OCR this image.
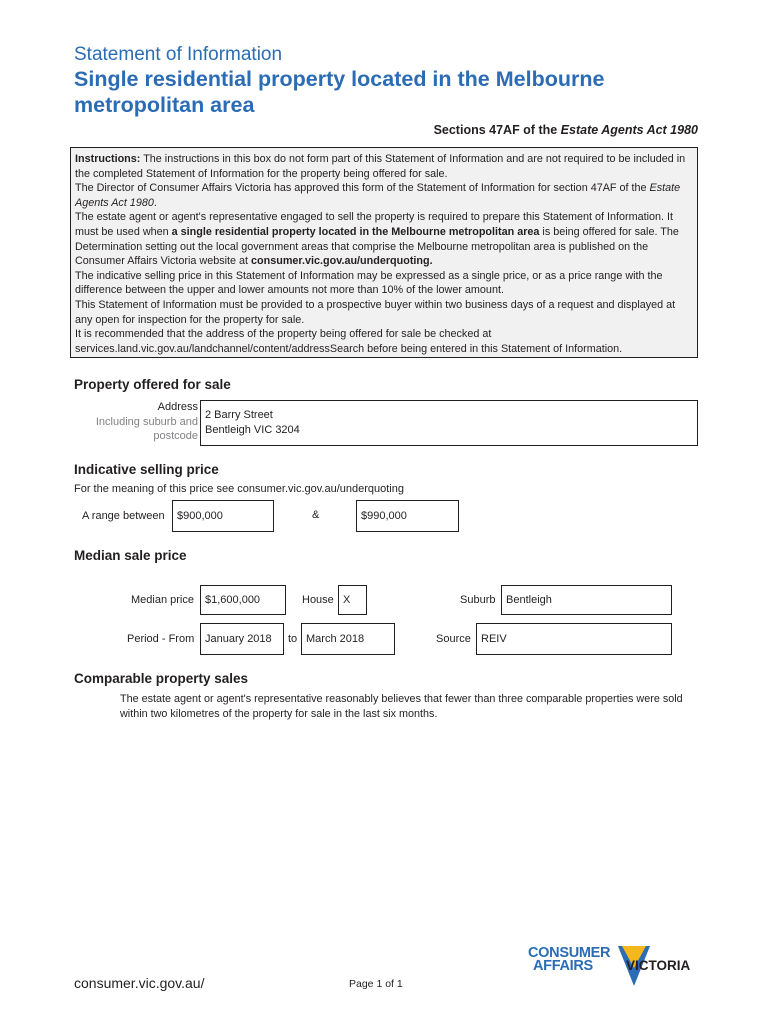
Statement of Information
Single residential property located in the Melbourne metropolitan area
Sections 47AF of the Estate Agents Act 1980

Instructions: The instructions in this box do not form part of this Statement of Information and are not required to be included in the completed Statement of Information for the property being offered for sale.

The Director of Consumer Affairs Victoria has approved this form of the Statement of Information for section 47AF of the Estate Agents Act 1980.

The estate agent or agent's representative engaged to sell the property is required to prepare this Statement of Information. It must be used when a single residential property located in the Melbourne metropolitan area is being offered for sale. The Determination setting out the local government areas that comprise the Melbourne metropolitan area is published on the Consumer Affairs Victoria website at consumer.vic.gov.au/underquoting.

The indicative selling price in this Statement of Information may be expressed as a single price, or as a price range with the difference between the upper and lower amounts not more than 10% of the lower amount.

This Statement of Information must be provided to a prospective buyer within two business days of a request and displayed at any open for inspection for the property for sale.

It is recommended that the address of the property being offered for sale be checked at services.land.vic.gov.au/landchannel/content/addressSearch before being entered in this Statement of Information.

Property offered for sale
Address
Including suburb and
postcode
2 Barry Street
Bentleigh VIC 3204
Indicative selling price
For the meaning of this price see consumer.vic.gov.au/underquoting
A range between	$900,000	&	$990,000
Median sale price
Median price	$1,600,000	House X	Suburb Bentleigh
Period - From January 2018	to March 2018	Source REIV
Comparable property sales
The estate agent or agent's representative reasonably believes that fewer than three comparable properties were sold within two kilometres of the property for sale in the last six months.
consumer.vic.gov.au/	Page 1 of 1
CONSUMER
AFFAIRS VICTORIA
